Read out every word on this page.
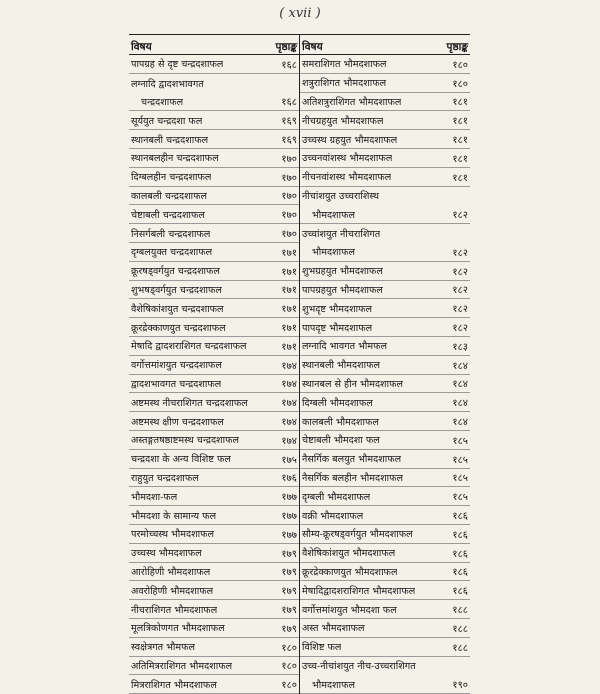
( xvii )
विषय	पृष्ठाङ्क
पापग्रह से दृष्ट चन्द्रदशाफल	१६८
लग्नादि द्वादशभावगत
चन्द्रदशाफल	१६८
सूर्ययुत चन्द्रदशा फल	१६९
स्थानबली चन्द्रदशाफल	१६९
स्थानबलहीन चन्द्रदशाफल	१७०
दिग्बलहीन चन्द्रदशाफल	१७०
कालबली चन्द्रदशाफल	१७०
चेष्टाबली चन्द्रदशाफल	१७०
निसर्गबली चन्द्रदशाफल	१७०
दृग्बलयुक्त चन्द्रदशाफल	१७१
क्रूरषड्वर्गयुत चन्द्रदशाफल	१७१
शुभषड्वर्गयुत चन्द्रदशाफल	१७१
वैशेषिकांशयुत चन्द्रदशाफल	१७१
क्रूरद्रेक्काणयुत चन्द्रदशाफल	१७१
मेषादि द्वादशराशिगत चन्द्रदशाफल	१७१
वर्गोत्तमांशयुत चन्द्रदशाफल	१७४
द्वादशभावगत चन्द्रदशाफल	१७४
अष्टमस्थ नीचराशिगत चन्द्रदशाफल	१७४
अष्टमस्थ क्षीण चन्द्रदशाफल	१७४
अस्तङ्गतषष्ठाष्टमस्थ चन्द्रदशाफल	१७४
चन्द्रदशा के अन्य विशिष्ट फल	१७५
राहुयुत चन्द्रदशाफल	१७६
भौमदशा-फल	१७७
भौमदशा के सामान्य फल	१७७
परमोच्चस्थ भौमदशाफल	१७७
उच्चस्थ भौमदशाफल	१७९
आरोहिणी भौमदशाफल	१७९
अवरोहिणी भौमदशाफल	१७९
नीचराशिगत भौमदशाफल	१७९
मूलत्रिकोणगत भौमदशाफल	१७९
स्वक्षेत्रगत भौमफल	१८०
अतिमित्रराशिगत भौमदशाफल	१८०
मित्रराशिगत भौमदशाफल	१८०
विषय	पृष्ठाङ्क
समराशिगत भौमदशाफल	१८०
शत्रुराशिगत भौमदशाफल	१८०
अतिशत्रुराशिगत भौमदशाफल	१८१
नीचग्रहयुत भौमदशाफल	१८१
उच्चस्थ ग्रहयुत भौमदशाफल	१८१
उच्चनवांशस्थ भौमदशाफल	१८१
नीचनवांशस्थ भौमदशाफल	१८१
नीचांशयुत उच्चराशिस्थ
भौमदशाफल	१८२
उच्चांशयुत नीचराशिगत
भौमदशाफल	१८२
शुभग्रहयुत भौमदशाफल	१८२
पापग्रहयुत भौमदशाफल	१८२
शुभदृष्ट भौमदशाफल	१८२
पापदृष्ट भौमदशाफल	१८२
लग्नादि भावगत भौमफल	१८३
स्थानबली भौमदशाफल	१८४
स्थानबल से हीन भौमदशाफल	१८४
दिग्बली भौमदशाफल	१८४
कालबली भौमदशाफल	१८४
चेष्टाबली भौमदशा फल	१८५
नैसर्गिक बलयुत भौमदशाफल	१८५
नैसर्गिक बलहीन भौमदशाफल	१८५
दृग्बली भौमदशाफल	१८५
वक्री भौमदशाफल	१८६
सौम्य-क्रूरषड्वर्गयुत भौमदशाफल	१८६
वैशेषिकांशयुत भौमदशाफल	१८६
क्रूरद्रेक्काणयुत भौमदशाफल	१८६
मेषादिद्वादशराशिगत भौमदशाफल	१८६
वर्गोत्तमांशयुत भौमदशा फल	१८८
अस्त भौमदशाफल	१८८
विशिष्ट फल	१८८
उच्च-नीचांशयुत नीच-उच्चराशिगत
भौमदशाफल	१९०
